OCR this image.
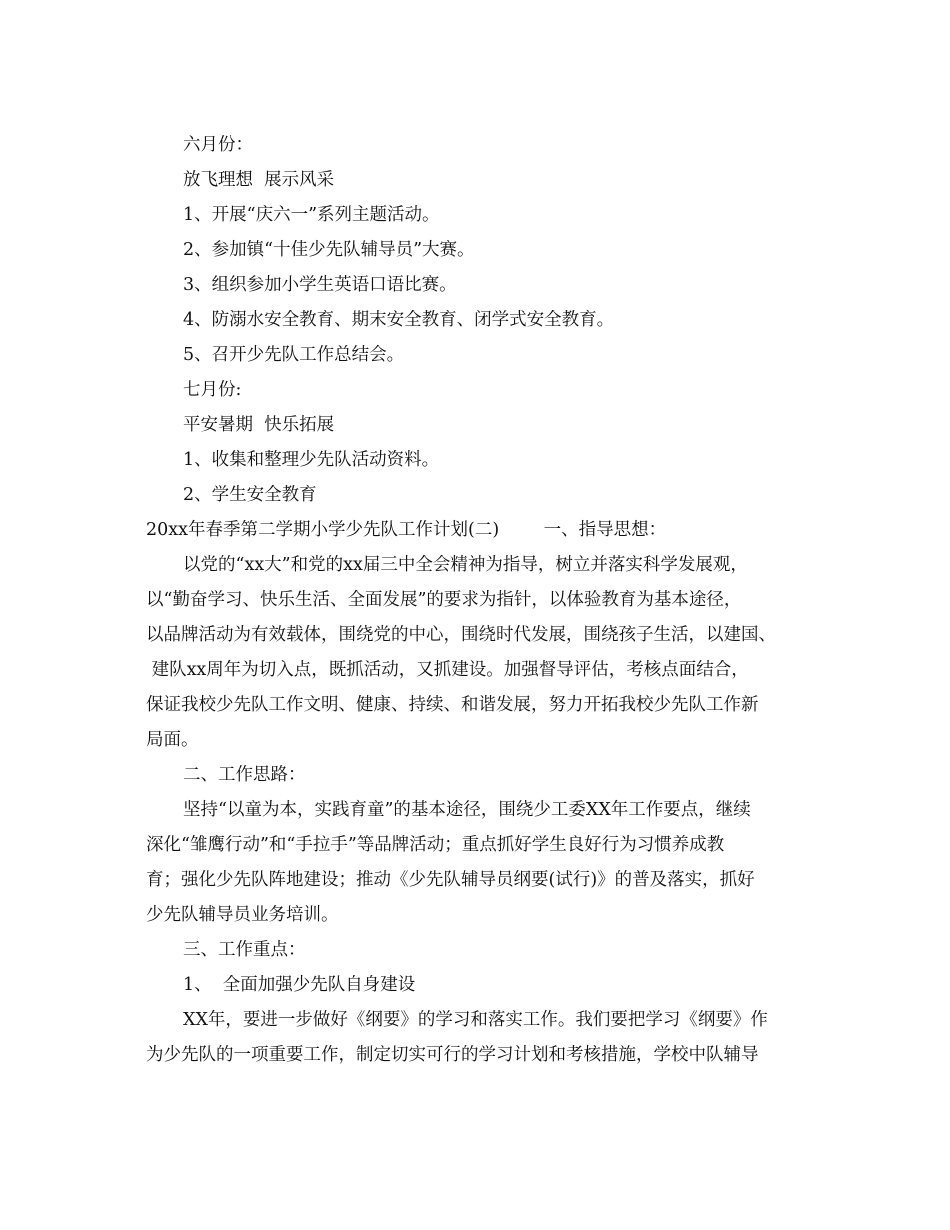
六月份：
放飞理想  展示风采
1、开展“庆六一”系列主题活动。
2、参加镇“十佳少先队辅导员”大赛。
3、组织参加小学生英语口语比赛。
4、防溺水安全教育、期末安全教育、闭学式安全教育。
5、召开少先队工作总结会。
七月份:
平安暑期  快乐拓展
1、收集和整理少先队活动资料。
2、学生安全教育
20xx年春季第二学期小学少先队工作计划(二)        一、指导思想：
以党的“xx大”和党的xx届三中全会精神为指导，树立并落实科学发展观，
以“勤奋学习、快乐生活、全面发展”的要求为指针，以体验教育为基本途径，
以品牌活动为有效载体，围绕党的中心，围绕时代发展，围绕孩子生活，以建国、
建队xx周年为切入点，既抓活动，又抓建设。加强督导评估，考核点面结合，
保证我校少先队工作文明、健康、持续、和谐发展，努力开拓我校少先队工作新
局面。
二、工作思路：
坚持“以童为本，实践育童”的基本途径，围绕少工委XX年工作要点，继续
深化“雏鹰行动”和“手拉手”等品牌活动；重点抓好学生良好行为习惯养成教
育；强化少先队阵地建设；推动《少先队辅导员纲要(试行)》的普及落实，抓好
少先队辅导员业务培训。
三、工作重点：
1、  全面加强少先队自身建设
XX年，要进一步做好《纲要》的学习和落实工作。我们要把学习《纲要》作
为少先队的一项重要工作，制定切实可行的学习计划和考核措施，学校中队辅导
